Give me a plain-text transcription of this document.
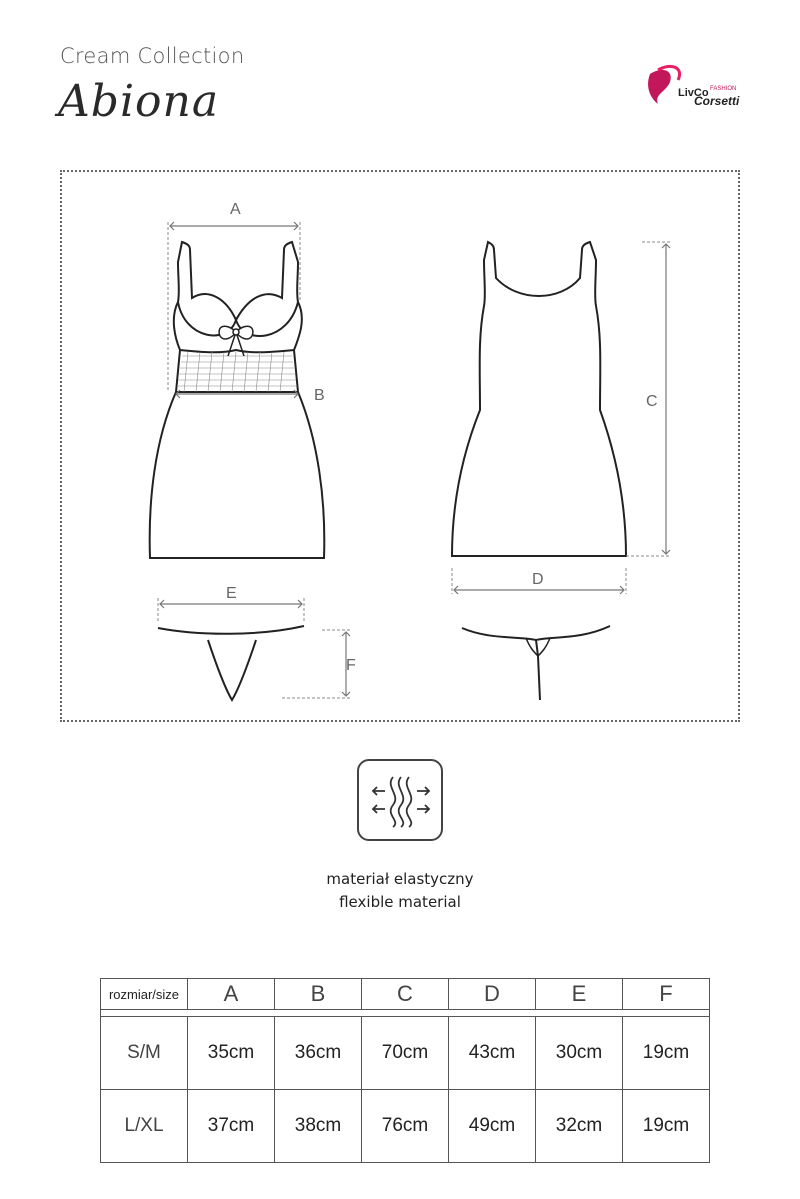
Cream Collection
Abiona	LivCo FASHION
Corsetti
A
B	C
D
E
F
materiał elastyczny
flexible material
rozmiar/size	A	B	C	D	E	F

S/M	35cm	36cm	70cm	43cm	30cm	19cm
L/XL	37cm	38cm	76cm	49cm	32cm	19cm
